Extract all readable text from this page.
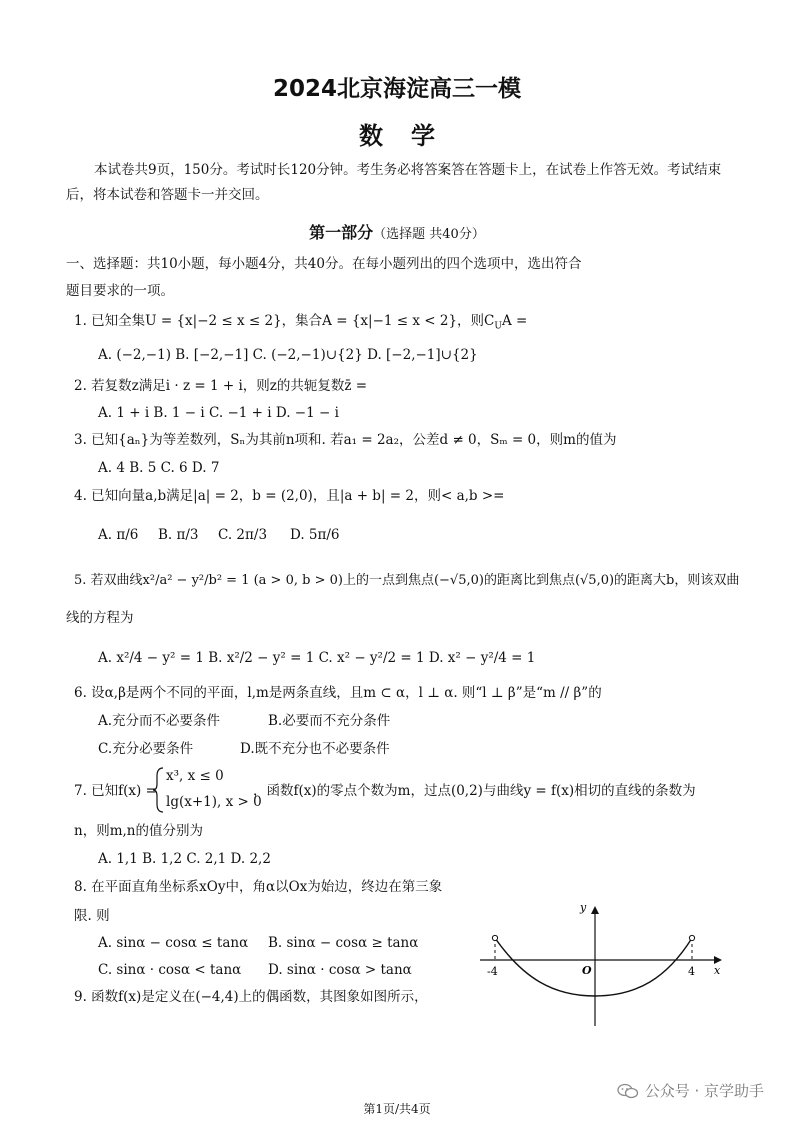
2024北京海淀高三一模
数学
本试卷共9页，150分。考试时长120分钟。考生务必将答案答在答题卡上，在试卷上作答无效。考试结束后，将本试卷和答题卡一并交回。
第一部分（选择题 共40分）
一、选择题：共10小题，每小题4分，共40分。在每小题列出的四个选项中，选出符合
题目要求的一项。
1. 已知全集U = {x|−2 ≤ x ≤ 2}，集合A = {x|−1 ≤ x < 2}，则$C_UA$ =
A. (−2,−1) B. [−2,−1] C. (−2,−1)∪{2} D. [−2,−1]∪{2}
2. 若复数z满足i · z = 1 + i，则z的共轭复数z̄ =
A. 1 + i B. 1 − i C. −1 + i D. −1 − i
3. 已知{aₙ}为等差数列，Sₙ为其前n项和. 若a₁ = 2a₂，公差d ≠ 0，Sₘ = 0，则m的值为
A. 4 B. 5 C. 6 D. 7
4. 已知向量a,b满足|a| = 2，b = (2,0)，且|a + b| = 2，则< a,b >=
A. π/6 B. π/3 C. 2π/3 D. 5π/6
5. 若双曲线x²/a² − y²/b² = 1 (a > 0, b > 0)上的一点到焦点(−√5,0)的距离比到焦点(√5,0)的距离大b，则该双曲
线的方程为
A. x²/4 − y² = 1 B. x²/2 − y² = 1 C. x² − y²/2 = 1 D. x² − y²/4 = 1
6. 设α,β是两个不同的平面，l,m是两条直线，且m ⊂ α，l ⊥ α. 则“l ⊥ β”是“m // β”的
A.充分而不必要条件	B.必要而不充分条件
C.充分必要条件	D.既不充分也不必要条件
7. 已知f(x) =
x³, x ≤ 0
lg(x+1), x > 0
，函数f(x)的零点个数为m，过点(0,2)与曲线y = f(x)相切的直线的条数为
n，则m,n的值分别为
A. 1,1 B. 1,2 C. 2,1 D. 2,2
8. 在平面直角坐标系xOy中，角α以Ox为始边，终边在第三象
限. 则
A. sinα − cosα ≤ tanα B. sinα − cosα ≥ tanα
C. sinα · cosα < tanα D. sinα · cosα > tanα
9. 函数f(x)是定义在(−4,4)上的偶函数，其图象如图所示，
y
x
O
-4	4
公众号 · 京学助手
第1页/共4页
